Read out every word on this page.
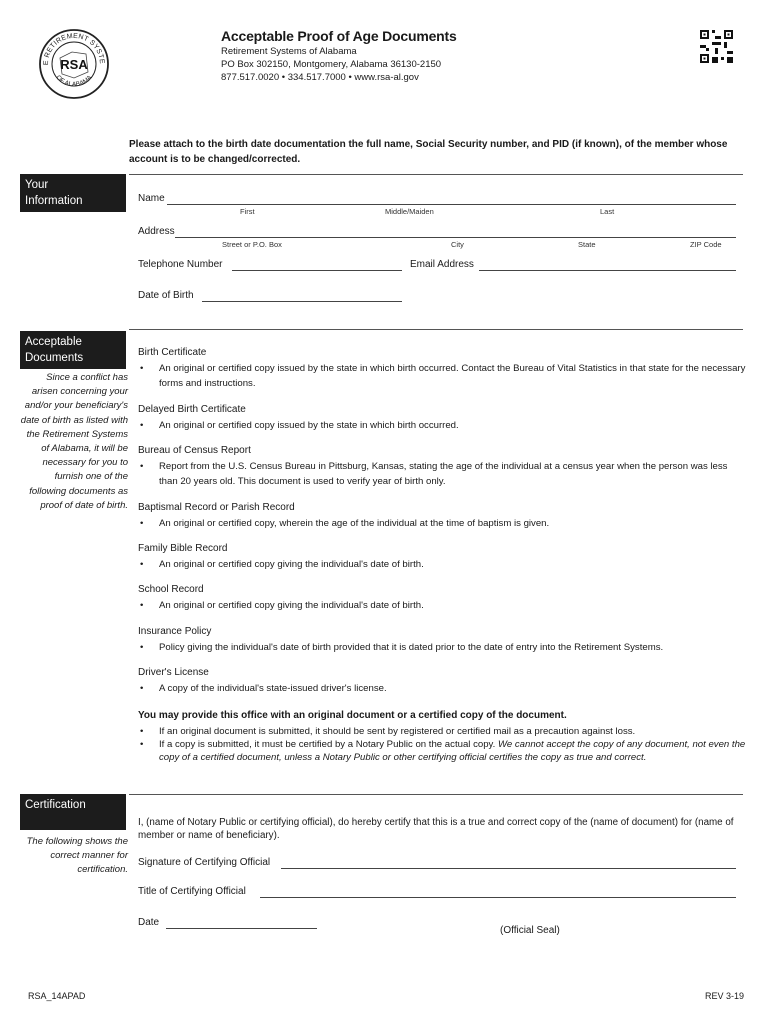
E RETIREMENT SYSTE
OF ALABAMA
RSA
Acceptable Proof of Age Documents
Retirement Systems of Alabama
PO Box 302150, Montgomery, Alabama 36130-2150
877.517.0020 • 334.517.7000 • www.rsa-al.gov
Please attach to the birth date documentation the full name, Social Security number, and PID (if known), of the member whose account is to be changed/corrected.
Your
Information	Name
First	Middle/Maiden	Last
Address
Street or P.O. Box	City	State	ZIP Code
Telephone Number	Email Address
Date of Birth
Acceptable
Documents
Since a conflict has arisen concerning your and/or your beneficiary's date of birth as listed with the Retirement Systems of Alabama, it will be necessary for you to furnish one of the following documents as proof of date of birth.
Birth Certificate
• An original or certified copy issued by the state in which birth occurred. Contact the Bureau of Vital Statistics in that state for the necessary forms and instructions.
Delayed Birth Certificate
• An original or certified copy issued by the state in which birth occurred.
Bureau of Census Report
• Report from the U.S. Census Bureau in Pittsburg, Kansas, stating the age of the individual at a census year when the person was less than 20 years old. This document is used to verify year of birth only.
Baptismal Record or Parish Record
• An original or certified copy, wherein the age of the individual at the time of baptism is given.
Family Bible Record
• An original or certified copy giving the individual's date of birth.
School Record
• An original or certified copy giving the individual's date of birth.
Insurance Policy
• Policy giving the individual's date of birth provided that it is dated prior to the date of entry into the Retirement Systems.
Driver's License
• A copy of the individual's state-issued driver's license.
You may provide this office with an original document or a certified copy of the document.
• If an original document is submitted, it should be sent by registered or certified mail as a precaution against loss.
• If a copy is submitted, it must be certified by a Notary Public on the actual copy. We cannot accept the copy of any document, not even the copy of a certified document, unless a Notary Public or other certifying official certifies the copy as true and correct.
Certification
The following shows the correct manner for certification.
I, (name of Notary Public or certifying official), do hereby certify that this is a true and correct copy of the (name of document) for (name of member or name of beneficiary).
Signature of Certifying Official
Title of Certifying Official
Date
(Official Seal)
RSA_14APAD	REV 3-19
